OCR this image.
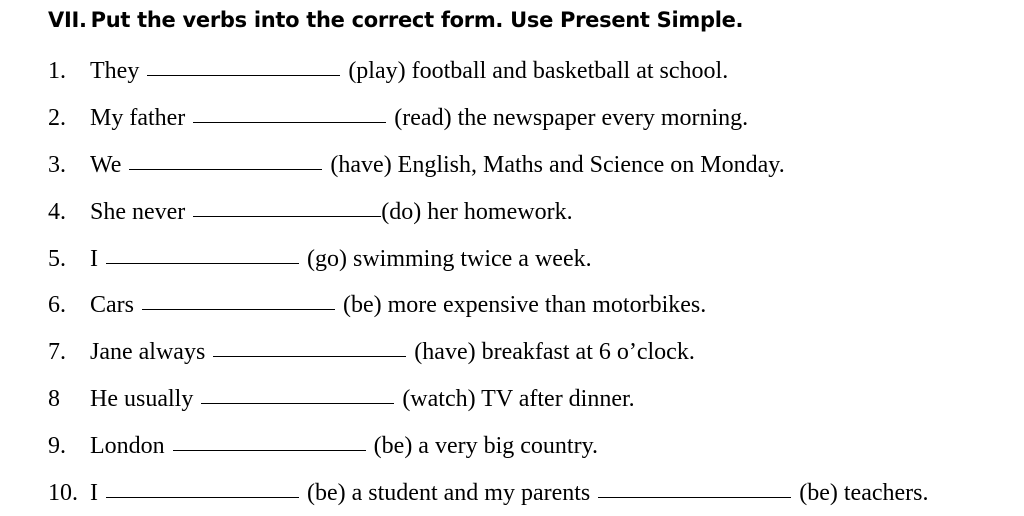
VII. Put the verbs into the correct form. Use Present Simple.
1. They	(play) football and basketball at school.
2. My father	(read) the newspaper every morning.
3. We	(have) English, Maths and Science on Monday.
4. She never	(do) her homework.
5. I	(go) swimming twice a week.
6. Cars	(be) more expensive than motorbikes.
7. Jane always	(have) breakfast at 6 o’clock.
8 He usually	(watch) TV after dinner.
9. London	(be) a very big country.
10. I	(be) a student and my parents	(be) teachers.
